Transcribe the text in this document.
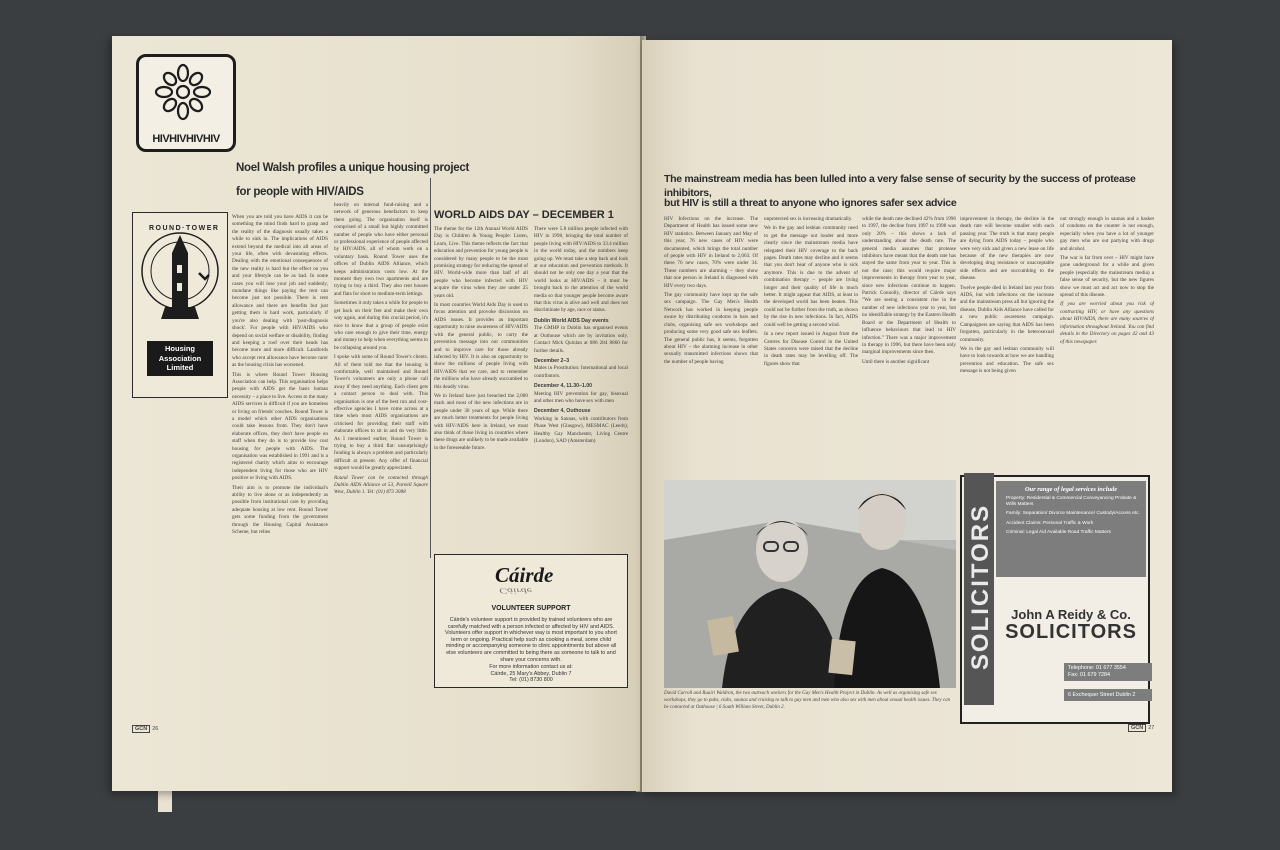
HIVHIVHIVHIV
Noel Walsh profiles a unique housing project
for people with HIV/AIDS
ROUND·TOWER
Housing
Association
Limited

When you are told you have AIDS it can be something the mind finds hard to grasp and the reality of the diagnosis usually takes a while to sink in. The implications of AIDS extend beyond the medical into all areas of your life, often with devastating effects. Dealing with the emotional consequences of the new reality is hard but the effect on you and your lifestyle can be as bad. In some cases you will lose your job and suddenly, mundane things like paying the rent can become just not possible. There is rent allowance and there are benefits but just getting them is hard work, particularly if you're also dealing with 'post-diagnosis shock'. For people with HIV/AIDS who depend on social welfare or disability, finding and keeping a roof over their heads has become more and more difficult. Landlords who accept rent allowance have become rarer as the housing crisis has worsened.

This is where Round Tower Housing Association can help. This organisation helps people with AIDS get the basic human necessity – a place to live. Access to the many AIDS services is difficult if you are homeless or living on friends' couches. Round Tower is a model which other AIDS organisations could take lessons from. They don't have elaborate offices, they don't have people on staff when they do is to provide low cost housing for people with AIDS. The organisation was established in 1991 and is a registered charity which aims to encourage independent living for those who are HIV positive or living with AIDS.

Their aim is to promote the individual's ability to live alone or as independently as possible from institutional care by providing adequate housing at low rent. Round Tower gets some funding from the government through the Housing Capital Assistance Scheme, but relies

heavily on internal fund-raising and a network of generous benefactors to keep them going. The organisation itself is comprised of a small but highly committed number of people who have either personal or professional experience of people affected by HIV/AIDS, all of whom work on a voluntary basis. Round Tower uses the offices of Dublin AIDS Alliance, which keeps administration costs low. At the moment they own two apartments and are trying to buy a third. They also rent houses and flats for short to medium-term lettings.

Sometimes it only takes a while for people to get back on their feet and make their own way again, and during this crucial period, it's nice to know that a group of people exist who care enough to give their time, energy and money to help when everything seems to be collapsing around you.

I spoke with some of Round Tower's clients. All of them told me that the housing is comfortable, well maintained and Round Tower's volunteers are only a phone call away if they need anything. Each client gets a contact person to deal with. This organisation is one of the best run and cost-effective agencies I have come across at a time when most AIDS organisations are criticised for providing their staff with elaborate offices to sit in and do very little. As I mentioned earlier, Round Tower is trying to buy a third flat: unsurprisingly funding is always a problem and particularly difficult at present. Any offer of financial support would be greatly appreciated.

Round Tower can be contacted through Dublin AIDS Alliance at 53, Parnell Square West, Dublin 1. Tel: (01) 873 3088

WORLD AIDS DAY – DECEMBER 1

The theme for the 12th Annual World AIDS Day is Children & Young People: Listen, Learn, Live. This theme reflects the fact that education and prevention for young people is considered by many people to be the most promising strategy for reducing the spread of HIV. World-wide more than half of all people who become infected with HIV acquire the virus when they are under 25 years old.

In most countries World Aids Day is used to focus attention and provoke discussion on AIDS issues. It provides an important opportunity to raise awareness of HIV/AIDS with the general public, to carry the prevention message into our communities and to improve care for those already infected by HIV. It is also an opportunity to show the millions of people living with HIV/AIDS that we care, and to remember the millions who have already succumbed to this deadly virus.

We in Ireland have just breached the 2,000 mark and most of the new infections are in people under 30 years of age. While there are much better treatments for people living with HIV/AIDS here in Ireland, we must also think of those living in countries where these drugs are unlikely to be made available in the foreseeable future.

There were 5.8 million people infected with HIV in 1998, bringing the total number of people living with HIV/AIDS to 33.4 million in the world today, and the numbers keep going up. We must take a step back and look at our education and prevention methods. It should not be only one day a year that the world looks at HIV/AIDS – it must be brought back to the attention of the world media so that younger people become aware that this virus is alive and well and does not discriminate by age, race or status.

Dublin World AIDS Day events

The GMHP in Dublin has organised events at Outhouse which are by invitation only. Contact Mick Quinlan at 086 284 8860 for further details.

December 2–3

Males in Prostitution: International and local contributors.

December 4, 11.30–1.00

Meeting HIV prevention for gay, bisexual and other men who have sex with men

December 4, Outhouse

Working in Saunas, with contributors from Phase West (Glasgow), MESMAC (Leeds), Healthy Gay Manchester, Living Centre (London), SAD (Amsterdam)

Cáirde
Cáirde
VOLUNTEER SUPPORT
Cáirde's volunteer support is provided by trained volunteers who are carefully matched with a person infected or affected by HIV and AIDS. Volunteers offer support in whichever way is most important to you short term or ongoing. Practical help such as cooking a meal, some child minding or accompanying someone to clinic appointments but above all else volunteers are committed to being there as someone to talk to and share your concerns with.
For more information contact us at:
Cáirde, 25 Mary's Abbey, Dublin 7
Tel: (01) 8730 800
GCN 26
The mainstream media has been lulled into a very false sense of security by the success of protease inhibitors,
but HIV is still a threat to anyone who ignores safer sex advice

HIV Infections on the increase. The Department of Health has issued some new HIV statistics. Between January and May of this year, 76 new cases of HIV were documented, which brings the total number of people with HIV in Ireland to 2,063. Of these 76 new cases, 70% were under 34. These numbers are alarming – they show that one person in Ireland is diagnosed with HIV every two days.

The gay community have kept up the safe sex campaign. The Gay Men's Health Network has worked in keeping people aware by distributing condoms in bars and clubs, organising safe sex workshops and producing some very good safe sex leaflets. The general public has, it seems, forgotten about HIV – the alarming increase in other sexually transmitted infections shows that the number of people having

unprotected sex is increasing dramatically.

We in the gay and lesbian community need to get the message out louder and more clearly since the mainstream media have relegated their HIV coverage to the back pages. Death rates may decline and it seems that you don't hear of anyone who is sick anymore. This is due to the advent of combination therapy – people are living longer and their quality of life is much better. It might appear that AIDS, at least in the developed world has been beaten. This could not be further from the truth, as shown by the rise in new infections. In fact, AIDS could well be getting a second wind.

In a new report issued in August from the Centres for Disease Control in the United States concerns were raised that the decline in death rates may be levelling off. The figures show that

while the death rate declined 42% from 1996 to 1997, the decline from 1997 to 1998 was only 20% – this shows a lack of understanding about the death rate. The general media assumes that protease inhibitors have meant that the death rate has stayed the same from year to year. This is not the case; this would require major improvements in therapy from year to year, since new infections continue to happen. Patrick Connolly, director of Cáirde says "We are seeing a consistent rise in the number of new infections year to year, but no identifiable strategy by the Eastern Health Board or the Department of Health to influence behaviours that lead to HIV infection." There was a major improvement in therapy in 1996, but there have been only marginal improvements since then.

Until there is another significant

improvement in therapy, the decline in the death rate will become smaller with each passing year. The truth is that many people are dying from AIDS today – people who were very sick and given a new lease on life because of the new therapies are now developing drug resistance or unacceptable side effects and are succumbing to the disease.

Twelve people died in Ireland last year from AIDS, but with infections on the increase and the mainstream press all but ignoring the disease, Dublin Aids Alliance have called for a new public awareness campaign. Campaigners are saying that AIDS has been forgotten, particularly in the heterosexual community.

We in the gay and lesbian community will have to look towards at how we are handling prevention and education. The safe sex message is not being given

out strongly enough in saunas and a basket of condoms on the counter is not enough, especially when you have a lot of younger gay men who are out partying with drugs and alcohol.

The war is far from over – HIV might have gone underground for a while and given people (especially the mainstream media) a false sense of security, but the new figures show we must act and act now to stop the spread of this disease.

If you are worried about you risk of contracting HIV, or have any questions about HIV/AIDS, there are many sources of information throughout Ireland. You can find details in the Directory on pages 42 and 43 of this newspaper.

David Carroll and Ruairi Waldron, the two outreach workers for the Gay Men's Health Project in Dublin. As well as organising safe sex workshops, they go to pubs, clubs, saunas and cruising to talk to gay men and men who also sex with men about sexual health issues. They can be contacted at Outhouse | 6 South William Street, Dublin 2.
SOLICITORS
Our range of legal services include
Property: Residential & Commercial Conveyancing Probate & Wills Matters
Family: Separation/ Divorce Maintenance/ Custody/Access etc.
Accident Claims: Personal Traffic & Work
Criminal: Legal Aid Available Road Traffic Matters
John A Reidy & Co.
SOLICITORS
Telephone: 01 677 3554
Fax: 01 679 7284
6 Exchequer Street Dublin 2
GCN 27
